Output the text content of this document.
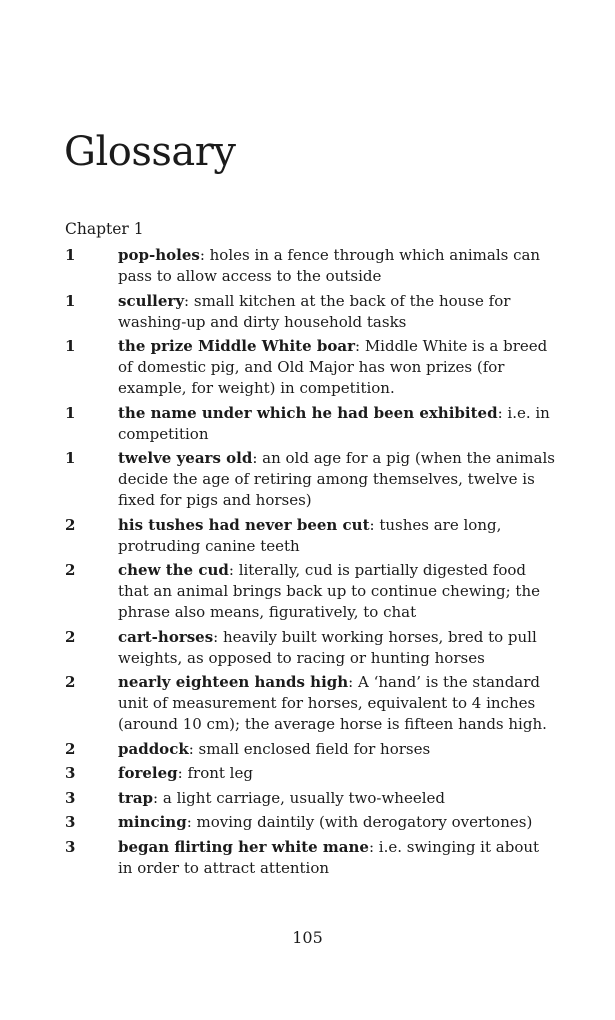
Glossary
Chapter 1
1	pop-holes: holes in a fence through which animals can pass to allow access to the outside
1	scullery: small kitchen at the back of the house for washing-up and dirty household tasks
1	the prize Middle White boar: Middle White is a breed of domestic pig, and Old Major has won prizes (for example, for weight) in competition.
1	the name under which he had been exhibited: i.e. in competition
1	twelve years old: an old age for a pig (when the animals decide the age of retiring among themselves, twelve is fixed for pigs and horses)
2	his tushes had never been cut: tushes are long, protruding canine teeth
2	chew the cud: literally, cud is partially digested food that an animal brings back up to continue chewing; the phrase also means, figuratively, to chat
2	cart-horses: heavily built working horses, bred to pull weights, as opposed to racing or hunting horses
2	nearly eighteen hands high: A ‘hand’ is the standard unit of measurement for horses, equivalent to 4 inches (around 10 cm); the average horse is fifteen hands high.
2	paddock: small enclosed field for horses
3	foreleg: front leg
3	trap: a light carriage, usually two-wheeled
3	mincing: moving daintily (with derogatory overtones)
3	began flirting her white mane: i.e. swinging it about in order to attract attention
105
